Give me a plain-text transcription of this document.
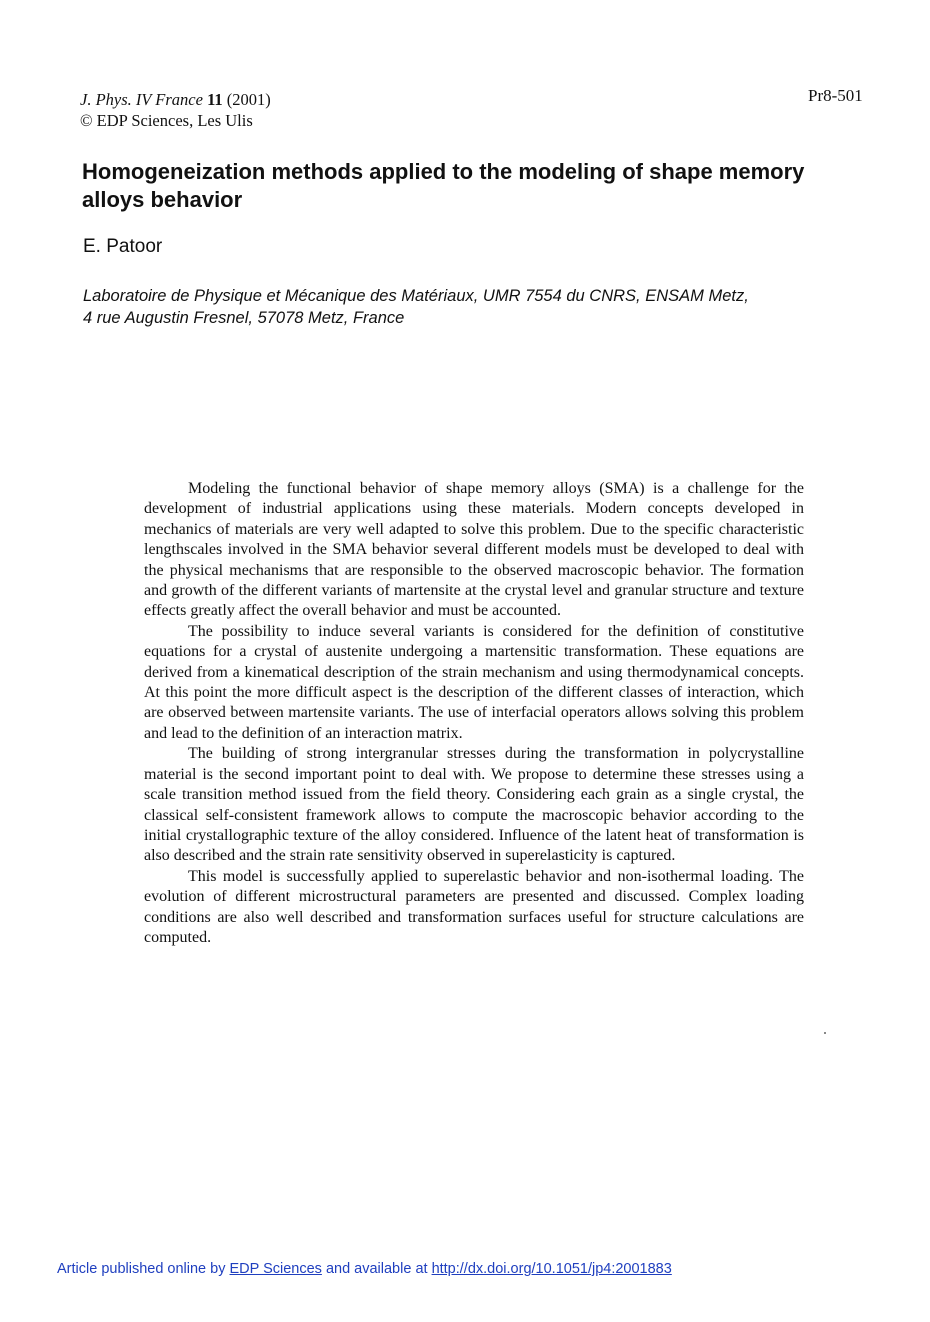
J. Phys. IV France 11 (2001)
© EDP Sciences, Les Ulis
Pr8-501
Homogeneization methods applied to the modeling of shape memory alloys behavior

E. Patoor

Laboratoire de Physique et Mécanique des Matériaux, UMR 7554 du CNRS, ENSAM Metz,
4 rue Augustin Fresnel, 57078 Metz, France

Modeling the functional behavior of shape memory alloys (SMA) is a challenge for the development of industrial applications using these materials. Modern concepts developed in mechanics of materials are very well adapted to solve this problem. Due to the specific characteristic lengthscales involved in the SMA behavior several different models must be developed to deal with the physical mechanisms that are responsible to the observed macroscopic behavior. The formation and growth of the different variants of martensite at the crystal level and granular structure and texture effects greatly affect the overall behavior and must be accounted.

The possibility to induce several variants is considered for the definition of constitutive equations for a crystal of austenite undergoing a martensitic transformation. These equations are derived from a kinematical description of the strain mechanism and using thermodynamical concepts. At this point the more difficult aspect is the description of the different classes of interaction, which are observed between martensite variants. The use of interfacial operators allows solving this problem and lead to the definition of an interaction matrix.

The building of strong intergranular stresses during the transformation in polycrystalline material is the second important point to deal with. We propose to determine these stresses using a scale transition method issued from the field theory. Considering each grain as a single crystal, the classical self-consistent framework allows to compute the macroscopic behavior according to the initial crystallographic texture of the alloy considered. Influence of the latent heat of transformation is also described and the strain rate sensitivity observed in superelasticity is captured.

This model is successfully applied to superelastic behavior and non-isothermal loading. The evolution of different microstructural parameters are presented and discussed. Complex loading conditions are also well described and transformation surfaces useful for structure calculations are computed.

Article published online by EDP Sciences and available at http://dx.doi.org/10.1051/jp4:2001883
